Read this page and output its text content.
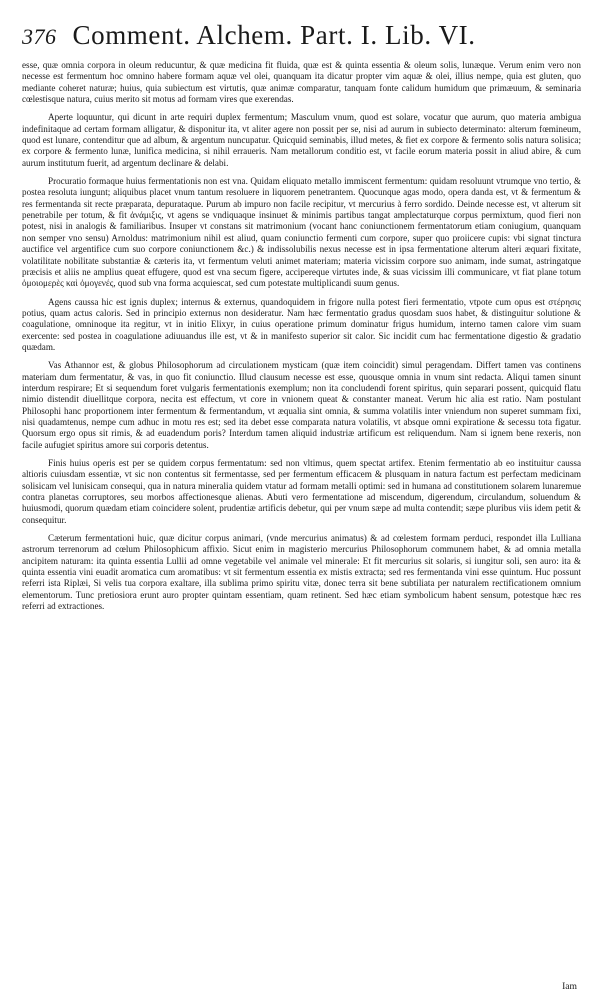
376 Comment. Alchem. Part. I. Lib. VI.

esse, quæ omnia corpora in oleum reducuntur, & quæ medicina fit fluida, quæ est & quinta essentia & oleum solis, lunæque. Verum enim vero non necesse est fermentum hoc omnino habere formam aquæ vel olei, quanquam ita dicatur propter vim aquæ & olei, illius nempe, quia est gluten, quo mediante coheret naturæ; huius, quia subiectum est virtutis, quæ animæ comparatur, tanquam fonte calidum humidum que primæuum, & seminaria cœlestisque natura, cuius merito sit motus ad formam vires que exerendas.

Aperte loquuntur, qui dicunt in arte requiri duplex fermentum; Masculum vnum, quod est solare, vocatur que aurum, quo materia ambigua indefinitaque ad certam formam alligatur, & disponitur ita, vt aliter agere non possit per se, nisi ad aurum in subiecto determinato: alterum fœmineum, quod est lunare, contenditur que ad album, & argentum nuncupatur. Quicquid seminabis, illud metes, & fiet ex corpore & fermento solis natura solisica; ex corpore & fermento lunæ, lunifica medicina, si nihil erraueris. Nam metallorum conditio est, vt facile eorum materia possit in aliud abire, & cum aurum institutum fuerit, ad argentum declinare & delabi.

Procuratio formaque huius fermentationis non est vna. Quidam eliquato metallo immiscent fermentum: quidam resoluunt vtrumque vno tertio, & postea resoluta iungunt; aliquibus placet vnum tantum resoluere in liquorem penetrantem. Quocunque agas modo, opera danda est, vt & fermentum & res fermentanda sit recte præparata, depurataque. Purum ab impuro non facile recipitur, vt mercurius à ferro sordido. Deinde necesse est, vt alterum sit penetrabile per totum, & fit ἀνάμιξις, vt agens se vndiquaque insinuet & minimis partibus tangat amplectaturque corpus permixtum, quod fieri non potest, nisi in analogis & familiaribus. Insuper vt constans sit matrimonium (vocant hanc coniunctionem fermentatorum etiam coniugium, quanquam non semper vno sensu) Arnoldus: matrimonium nihil est aliud, quam coniunctio fermenti cum corpore, super quo proiicere cupis: vbi signat tinctura auctifice vel argentifice cum suo corpore coniunctionem &c.) & indissolubilis nexus necesse est in ipsa fermentatione alterum alteri æquari fixitate, volatilitate nobilitate substantiæ & cæteris ita, vt fermentum veluti animet materiam; materia vicissim corpore suo animam, inde sumat, astringatque præcisis et aliis ne amplius queat effugere, quod est vna secum figere, accipereque virtutes inde, & suas vicissim illi communicare, vt fiat plane totum ὁμοιομερὲς καὶ ὁμογενές, quod sub vna forma acquiescat, sed cum potestate multiplicandi suum genus.

Agens caussa hic est ignis duplex; internus & externus, quandoquidem in frigore nulla potest fieri fermentatio, vtpote cum opus est στέρησις potius, quam actus caloris. Sed in principio externus non desideratur. Nam hæc fermentatio gradus quosdam suos habet, & distinguitur solutione & coagulatione, omninoque ita regitur, vt in initio Elixyr, in cuius operatione primum dominatur frigus humidum, interno tamen calore vim suam exercente: sed postea in coagulatione adiuuandus ille est, vt & in manifesto superior sit calor. Sic incidit cum hac fermentatione digestio & gradatio quædam.

Vas Athannor est, & globus Philosophorum ad circulationem mysticam (quæ item coincidit) simul peragendam. Differt tamen vas continens materiam dum fermentatur, & vas, in quo fit coniunctio. Illud clausum necesse est esse, quousque omnia in vnum sint redacta. Aliqui tamen sinunt interdum respirare; Et si sequendum foret vulgaris fermentationis exemplum; non ita concludendi forent spiritus, quin separari possent, quicquid flatu nimio distendit diuellitque corpora, necita est effectum, vt core in vnionem queat & constanter maneat. Verum hic alia est ratio. Nam postulant Philosophi hanc proportionem inter fermentum & fermentandum, vt æqualia sint omnia, & summa volatilis inter vniendum non superet summam fixi, nisi quadamtenus, nempe cum adhuc in motu res est; sed ita debet esse comparata natura volatilis, vt absque omni expiratione & secessu tota figatur. Quorsum ergo opus sit rimis, & ad euadendum poris? Interdum tamen aliquid industriæ artificum est reliquendum. Nam si ignem bene rexeris, non facile aufugiet spiritus amore sui corporis detentus.

Finis huius operis est per se quidem corpus fermentatum: sed non vltimus, quem spectat artifex. Etenim fermentatio ab eo instituitur caussa altioris cuiusdam essentiæ, vt sic non contentus sit fermentasse, sed per fermentum efficacem & plusquam in natura factum est perfectam medicinam solisicam vel lunisicam consequi, qua in natura mineralia quidem vtatur ad formam metalli optimi: sed in humana ad constitutionem solarem lunaremue contra planetas corruptores, seu morbos affectionesque alienas. Abuti vero fermentatione ad miscendum, digerendum, circulandum, soluendum & huiusmodi, quorum quædam etiam coincidere solent, prudentiæ artificis debetur, qui per vnum sæpe ad multa contendit; sæpe pluribus viis idem petit & consequitur.

Cæterum fermentationi huic, quæ dicitur corpus animari, (vnde mercurius animatus) & ad cœlestem formam perduci, respondet illa Lulliana astrorum terrenorum ad cœlum Philosophicum affixio. Sicut enim in magisterio mercurius Philosophorum communem habet, & ad omnia metalla ancipitem naturam: ita quinta essentia Lullii ad omne vegetabile vel animale vel minerale: Et fit mercurius sit solaris, si iungitur soli, sen auro: ita & quinta essentia vini euadit aromatica cum aromatibus: vt sit fermentum essentia ex mistis extracta; sed res fermentanda vini esse quintum. Huc possunt referri ista Riplæi, Si velis tua corpora exaltare, illa sublima primo spiritu vitæ, donec terra sit bene subtiliata per naturalem rectificationem omnium elementorum. Tunc pretiosiora erunt auro propter quintam essentiam, quam retinent. Sed hæc etiam symbolicum habent sensum, potestque hæc res referri ad extractiones.

Iam
